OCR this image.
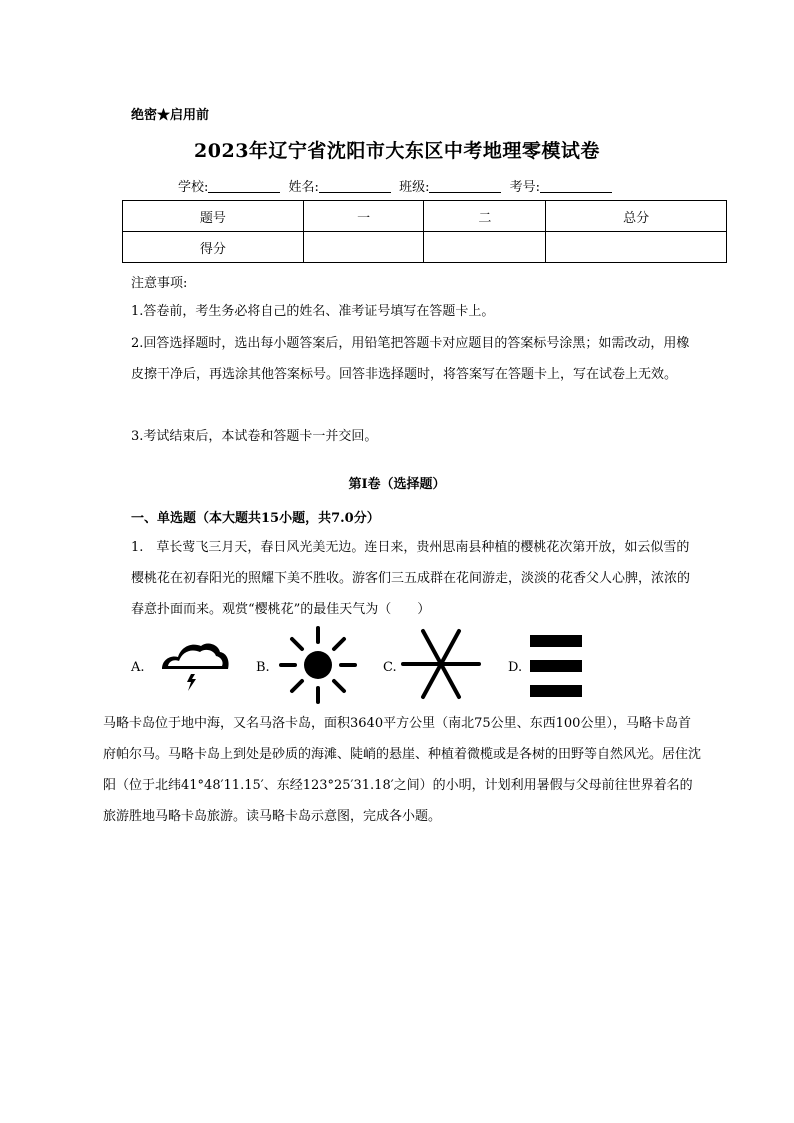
绝密★启用前
2023年辽宁省沈阳市大东区中考地理零模试卷
学校:	姓名:	班级:	考号:
题号	一	二	总分
得分			
注意事项:
1.答卷前，考生务必将自己的姓名、准考证号填写在答题卡上。
2.回答选择题时，选出每小题答案后，用铅笔把答题卡对应题目的答案标号涂黑；如需改动，用橡皮擦干净后，再选涂其他答案标号。回答非选择题时，将答案写在答题卡上，写在试卷上无效。
3.考试结束后，本试卷和答题卡一并交回。
第I卷（选择题）
一、单选题（本大题共15小题，共7.0分）
1.　草长莺飞三月天，春日风光美无边。连日来，贵州思南县种植的樱桃花次第开放，如云似雪的樱桃花在初春阳光的照耀下美不胜收。游客们三五成群在花间游走，淡淡的花香父人心脾，浓浓的春意扑面而来。观赏“樱桃花”的最佳天气为（　　）
A.	B.	C.	D.
马略卡岛位于地中海，又名马洛卡岛，面积3640平方公里（南北75公里、东西100公里），马略卡岛首府帕尔马。马略卡岛上到处是砂质的海滩、陡峭的悬崖、种植着微榄或是各树的田野等自然风光。居住沈阳（位于北纬41°48′11.15′、东经123°25′31.18′之间）的小明，计划利用暑假与父母前往世界着名的旅游胜地马略卡岛旅游。读马略卡岛示意图，完成各小题。
